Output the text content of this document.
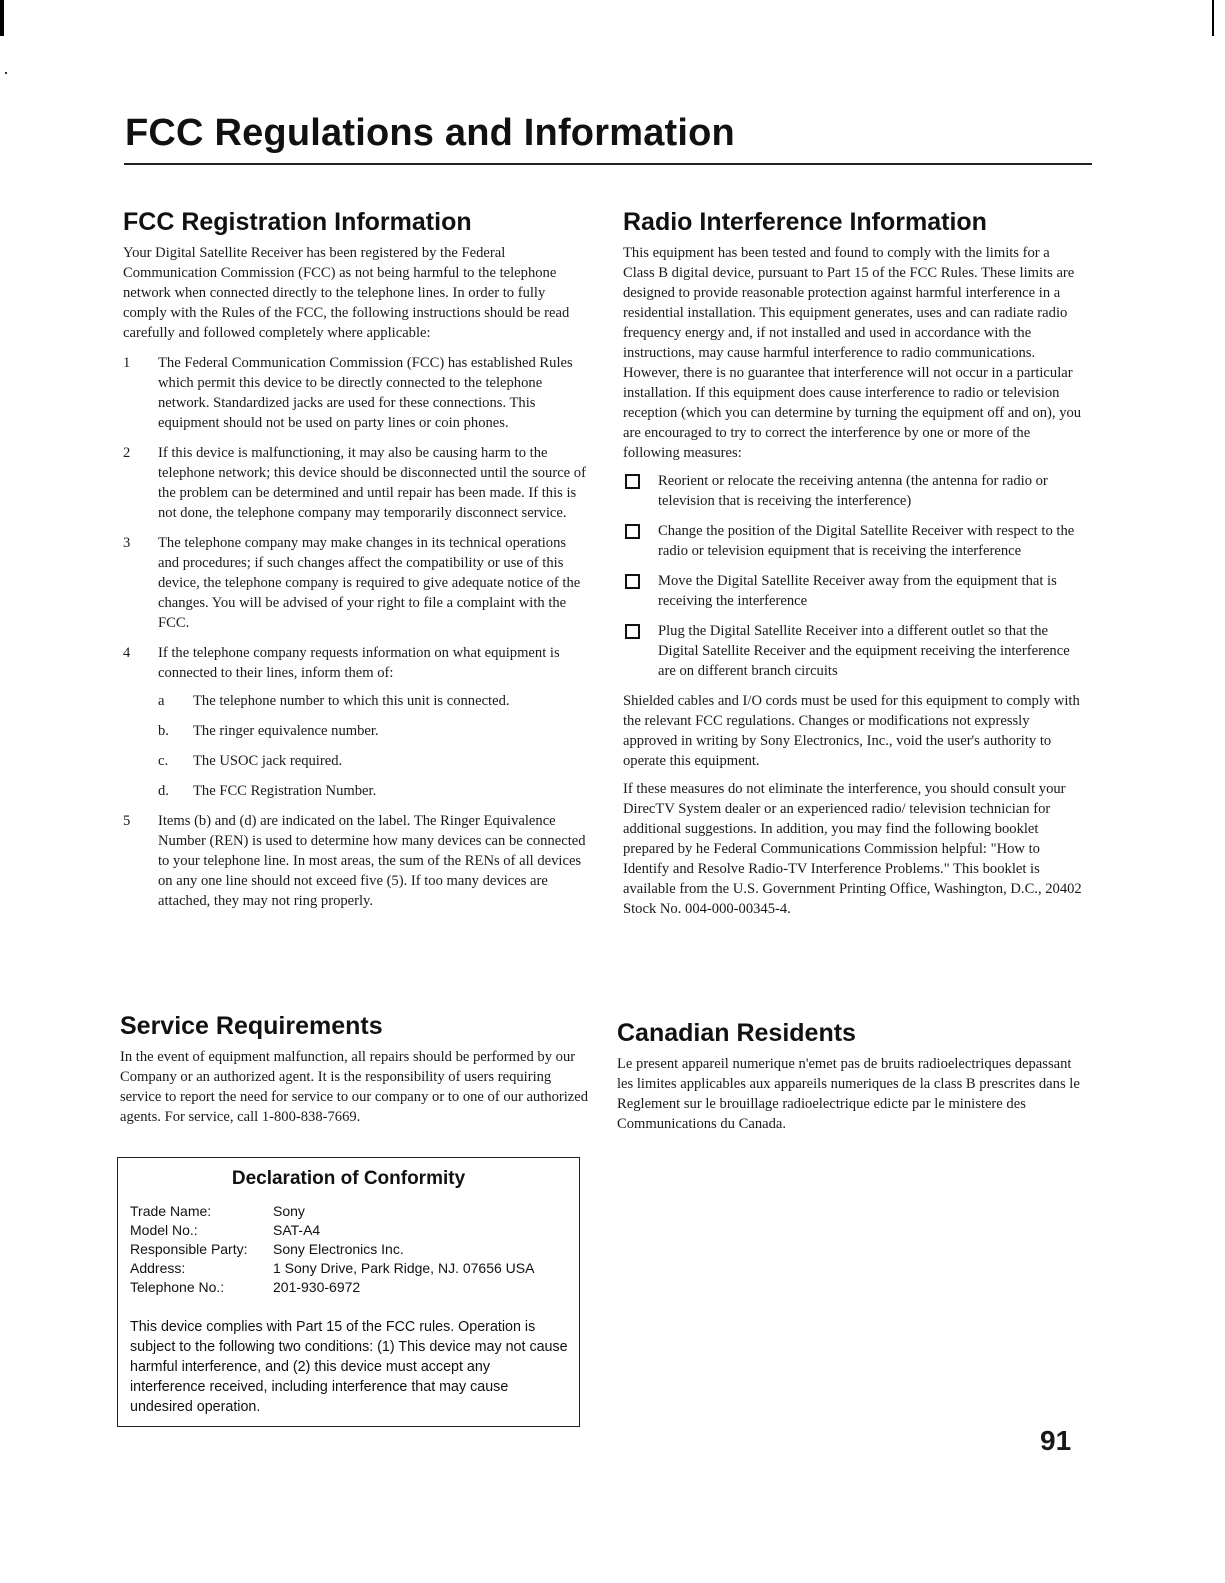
FCC Regulations and Information
FCC Registration Information

Your Digital Satellite Receiver has been registered by the Federal Communication Commission (FCC) as not being harmful to the telephone network when connected directly to the telephone lines. In order to fully comply with the Rules of the FCC, the following instructions should be read carefully and followed completely where applicable:

1 The Federal Communication Commission (FCC) has established Rules which permit this device to be directly connected to the telephone network. Standardized jacks are used for these connections. This equipment should not be used on party lines or coin phones.
2 If this device is malfunctioning, it may also be causing harm to the telephone network; this device should be disconnected until the source of the problem can be determined and until repair has been made. If this is not done, the telephone company may temporarily disconnect service.
3 The telephone company may make changes in its technical operations and procedures; if such changes affect the compatibility or use of this device, the telephone company is required to give adequate notice of the changes. You will be advised of your right to file a complaint with the FCC.
4 If the telephone company requests information on what equipment is connected to their lines, inform them of:
a The telephone number to which this unit is connected.
b. The ringer equivalence number.
c. The USOC jack required.
d. The FCC Registration Number.
5 Items (b) and (d) are indicated on the label. The Ringer Equivalence Number (REN) is used to determine how many devices can be connected to your telephone line. In most areas, the sum of the RENs of all devices on any one line should not exceed five (5). If too many devices are attached, they may not ring properly.
Service Requirements

In the event of equipment malfunction, all repairs should be performed by our Company or an authorized agent. It is the responsibility of users requiring service to report the need for service to our company or to one of our authorized agents. For service, call 1-800-838-7669.

Declaration of Conformity
Trade Name:	Sony
Model No.:	SAT-A4
Responsible Party:	Sony Electronics Inc.
Address:	1 Sony Drive, Park Ridge, NJ. 07656 USA
Telephone No.:	201-930-6972

This device complies with Part 15 of the FCC rules. Operation is subject to the following two conditions: (1) This device may not cause harmful interference, and (2) this device must accept any interference received, including interference that may cause undesired operation.

Radio Interference Information

This equipment has been tested and found to comply with the limits for a Class B digital device, pursuant to Part 15 of the FCC Rules. These limits are designed to provide reasonable protection against harmful interference in a residential installation. This equipment generates, uses and can radiate radio frequency energy and, if not installed and used in accordance with the instructions, may cause harmful interference to radio communications. However, there is no guarantee that interference will not occur in a particular installation. If this equipment does cause interference to radio or television reception (which you can determine by turning the equipment off and on), you are encouraged to try to correct the interference by one or more of the following measures:

Reorient or relocate the receiving antenna (the antenna for radio or television that is receiving the interference)
Change the position of the Digital Satellite Receiver with respect to the radio or television equipment that is receiving the interference
Move the Digital Satellite Receiver away from the equipment that is receiving the interference
Plug the Digital Satellite Receiver into a different outlet so that the Digital Satellite Receiver and the equipment receiving the interference are on different branch circuits

Shielded cables and I/O cords must be used for this equipment to comply with the relevant FCC regulations. Changes or modifications not expressly approved in writing by Sony Electronics, Inc., void the user's authority to operate this equipment.

If these measures do not eliminate the interference, you should consult your DirecTV System dealer or an experienced radio/ television technician for additional suggestions. In addition, you may find the following booklet prepared by he Federal Communications Commission helpful: "How to Identify and Resolve Radio-TV Interference Problems." This booklet is available from the U.S. Government Printing Office, Washington, D.C., 20402 Stock No. 004-000-00345-4.

Canadian Residents

Le present appareil numerique n'emet pas de bruits radioelectriques depassant les limites applicables aux appareils numeriques de la class B prescrites dans le Reglement sur le brouillage radioelectrique edicte par le ministere des Communications du Canada.

91
